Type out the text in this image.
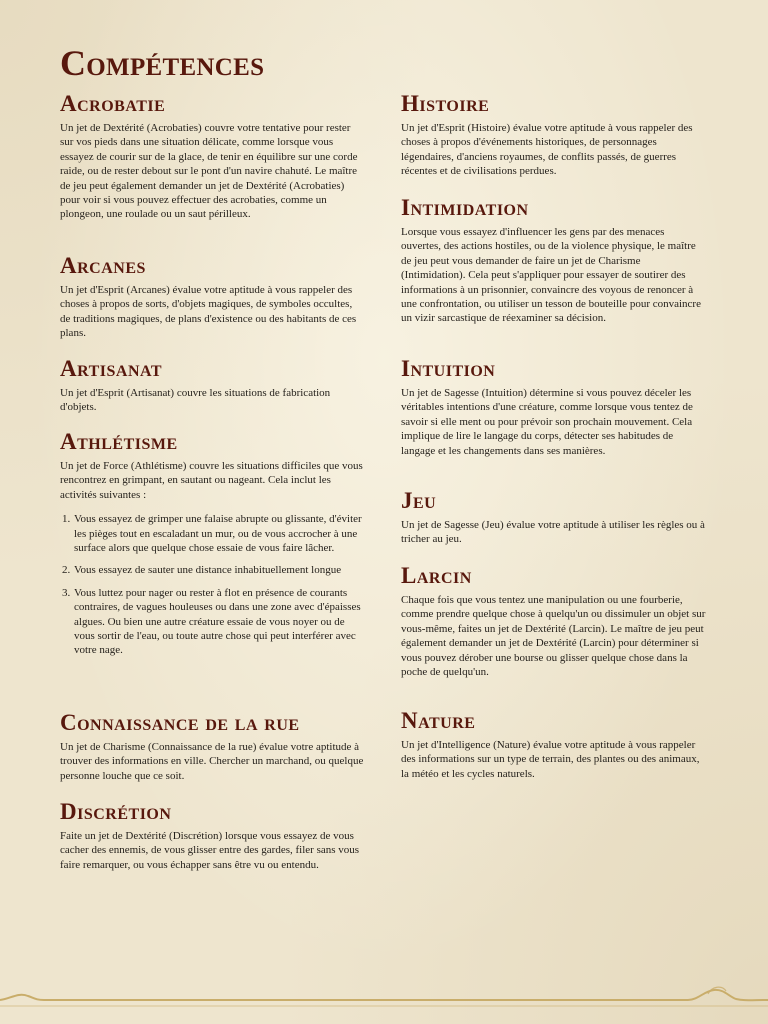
Compétences
Acrobatie

Un jet de Dextérité (Acrobaties) couvre votre tentative pour rester sur vos pieds dans une situation délicate, comme lorsque vous essayez de courir sur de la glace, de tenir en équilibre sur une corde raide, ou de rester debout sur le pont d'un navire chahuté. Le maître de jeu peut également demander un jet de Dextérité (Acrobaties) pour voir si vous pouvez effectuer des acrobaties, comme un plongeon, une roulade ou un saut périlleux.

Arcanes

Un jet d'Esprit (Arcanes) évalue votre aptitude à vous rappeler des choses à propos de sorts, d'objets magiques, de symboles occultes, de traditions magiques, de plans d'existence ou des habitants de ces plans.

Artisanat

Un jet d'Esprit (Artisanat) couvre les situations de fabrication d'objets.

Athlétisme

Un jet de Force (Athlétisme) couvre les situations difficiles que vous rencontrez en grimpant, en sautant ou nageant. Cela inclut les activités suivantes :

1. Vous essayez de grimper une falaise abrupte ou glissante, d'éviter les pièges tout en escaladant un mur, ou de vous accrocher à une surface alors que quelque chose essaie de vous faire lâcher.
2. Vous essayez de sauter une distance inhabituellement longue
3. Vous luttez pour nager ou rester à flot en présence de courants contraires, de vagues houleuses ou dans une zone avec d'épaisses algues. Ou bien une autre créature essaie de vous noyer ou de vous sortir de l'eau, ou toute autre chose qui peut interférer avec votre nage.
Connaissance de la rue

Un jet de Charisme (Connaissance de la rue) évalue votre aptitude à trouver des informations en ville. Chercher un marchand, ou quelque personne louche que ce soit.

Discrétion

Faite un jet de Dextérité (Discrétion) lorsque vous essayez de vous cacher des ennemis, de vous glisser entre des gardes, filer sans vous faire remarquer, ou vous échapper sans être vu ou entendu.

Histoire

Un jet d'Esprit (Histoire) évalue votre aptitude à vous rappeler des choses à propos d'événements historiques, de personnages légendaires, d'anciens royaumes, de conflits passés, de guerres récentes et de civilisations perdues.

Intimidation

Lorsque vous essayez d'influencer les gens par des menaces ouvertes, des actions hostiles, ou de la violence physique, le maître de jeu peut vous demander de faire un jet de Charisme (Intimidation). Cela peut s'appliquer pour essayer de soutirer des informations à un prisonnier, convaincre des voyous de renoncer à une confrontation, ou utiliser un tesson de bouteille pour convaincre un vizir sarcastique de réexaminer sa décision.

Intuition

Un jet de Sagesse (Intuition) détermine si vous pouvez déceler les véritables intentions d'une créature, comme lorsque vous tentez de savoir si elle ment ou pour prévoir son prochain mouvement. Cela implique de lire le langage du corps, détecter ses habitudes de langage et les changements dans ses manières.

Jeu

Un jet de Sagesse (Jeu) évalue votre aptitude à utiliser les règles ou à tricher au jeu.

Larcin

Chaque fois que vous tentez une manipulation ou une fourberie, comme prendre quelque chose à quelqu'un ou dissimuler un objet sur vous-même, faites un jet de Dextérité (Larcin). Le maître de jeu peut également demander un jet de Dextérité (Larcin) pour déterminer si vous pouvez dérober une bourse ou glisser quelque chose dans la poche de quelqu'un.

Nature

Un jet d'Intelligence (Nature) évalue votre aptitude à vous rappeler des informations sur un type de terrain, des plantes ou des animaux, la météo et les cycles naturels.
